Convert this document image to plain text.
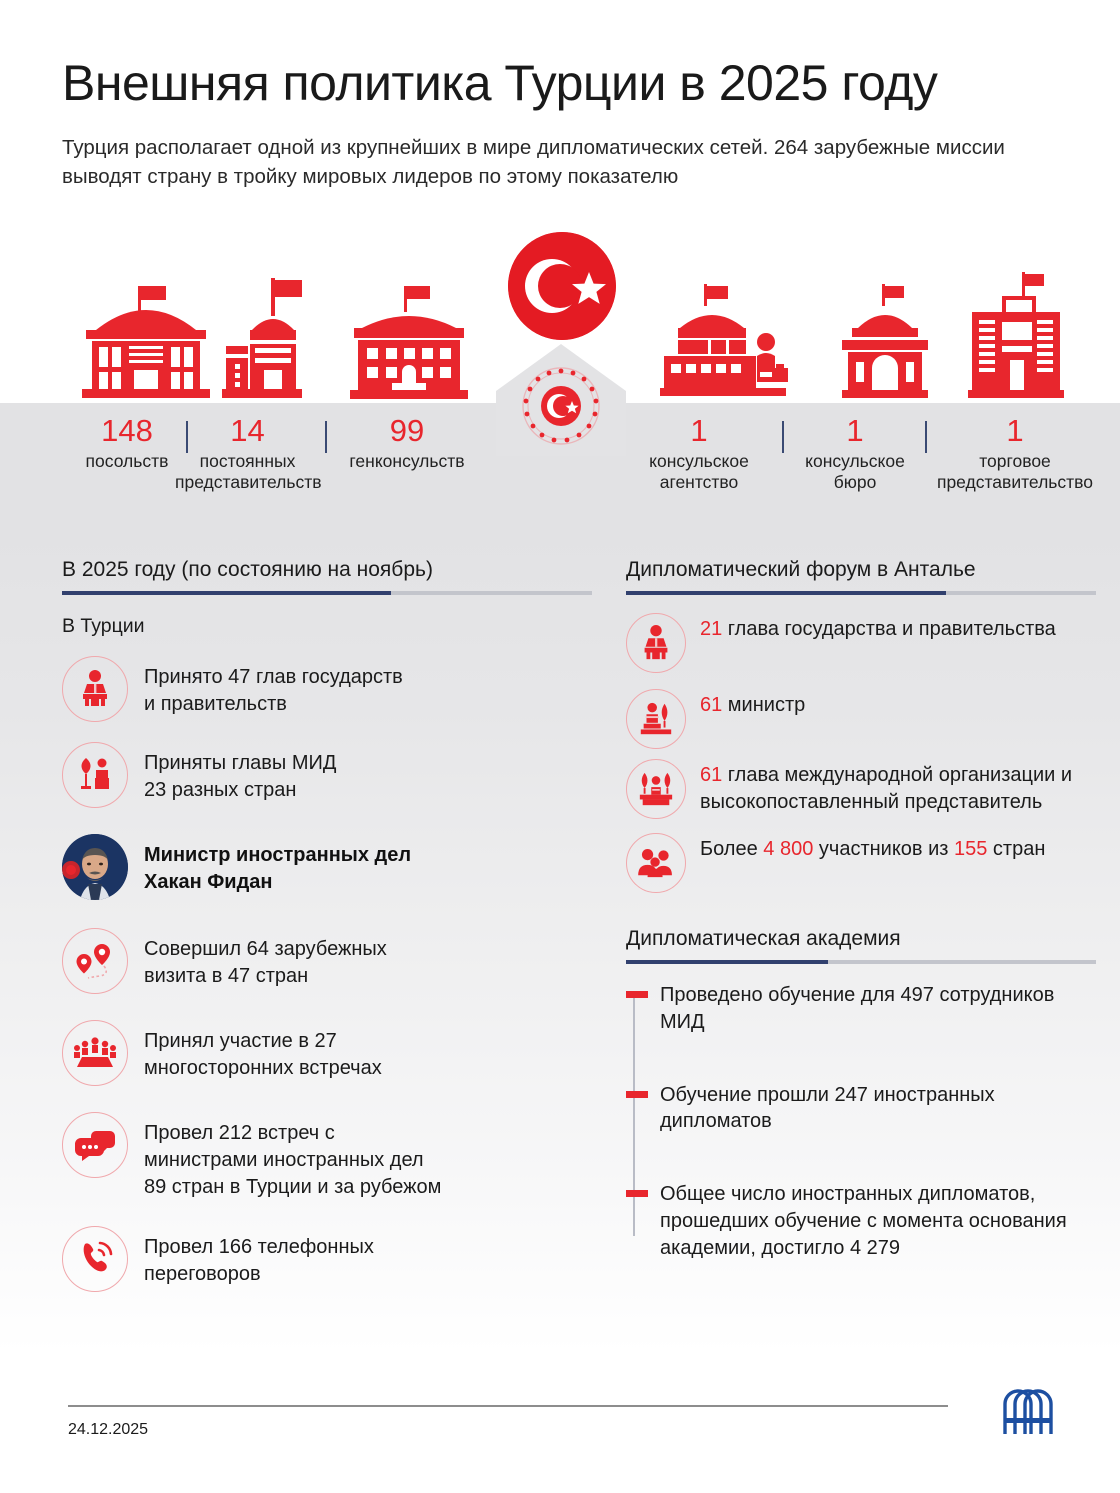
Внешняя политика Турции в 2025 году
Турция располагает одной из крупнейших в мире дипломатических сетей. 264 зарубежные миссии выводят страну в тройку мировых лидеров по этому показателю
148
посольств
14
постоянных
представительств
99
генконсульств
1
консульское
агентство
1
консульское
бюро
1
торговое
представительство
В 2025 году (по состоянию на ноябрь)
В Турции
Принято 47 глав государств
и правительств
Приняты главы МИД
23 разных стран
Министр иностранных дел
Хакан Фидан
Совершил 64 зарубежных
визита в 47 стран
Принял участие в 27
многосторонних встречах
Провел 212 встреч с
министрами иностранных дел
89 стран в Турции и за рубежом
Провел 166 телефонных
переговоров
Дипломатический форум в Анталье
21 глава государства и правительства
61 министр
61 глава международной организации и высокопоставленный представитель
Более 4 800 участников из 155 стран
Дипломатическая академия
Проведено обучение для 497 сотрудников МИД
Обучение прошли 247 иностранных дипломатов
Общее число иностранных дипломатов, прошедших обучение с момента основания академии, достигло 4 279
24.12.2025
